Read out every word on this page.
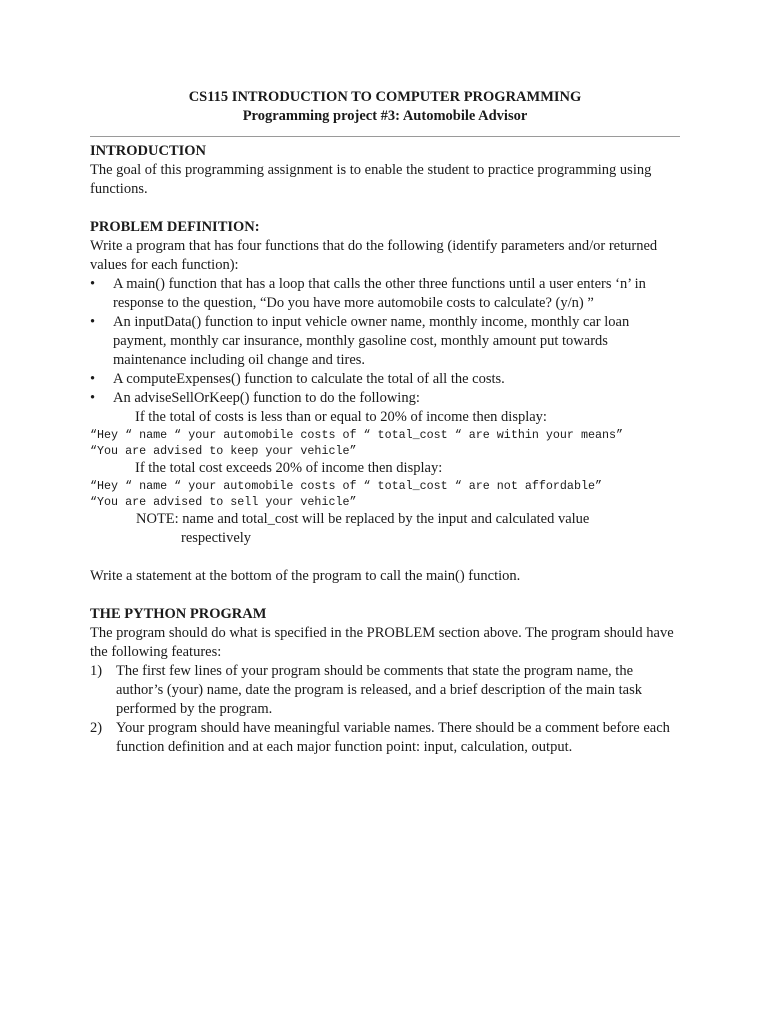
CS115 INTRODUCTION TO COMPUTER PROGRAMMING
Programming project #3: Automobile Advisor
INTRODUCTION
The goal of this programming assignment is to enable the student to practice programming using functions.
PROBLEM DEFINITION:
Write a program that has four functions that do the following (identify parameters and/or returned values for each function):
• A main() function that has a loop that calls the other three functions until a user enters ‘n’ in response to the question, “Do you have more automobile costs to calculate? (y/n) ”
• An inputData() function to input vehicle owner name, monthly income, monthly car loan payment, monthly car insurance, monthly gasoline cost, monthly amount put towards maintenance including oil change and tires.
• A computeExpenses() function to calculate the total of all the costs.
• An adviseSellOrKeep() function to do the following:
If the total of costs is less than or equal to 20% of income then display:
“Hey “ name “ your automobile costs of “ total_cost “ are within your means”
“You are advised to keep your vehicle”
If the total cost exceeds 20% of income then display:
“Hey “ name “ your automobile costs of “ total_cost “ are not affordable”
“You are advised to sell your vehicle”
NOTE: name and total_cost will be replaced by the input and calculated value
respectively
Write a statement at the bottom of the program to call the main() function.
THE PYTHON PROGRAM
The program should do what is specified in the PROBLEM section above. The program should have the following features:
1) The first few lines of your program should be comments that state the program name, the author’s (your) name, date the program is released, and a brief description of the main task performed by the program.
2) Your program should have meaningful variable names. There should be a comment before each function definition and at each major function point: input, calculation, output.
